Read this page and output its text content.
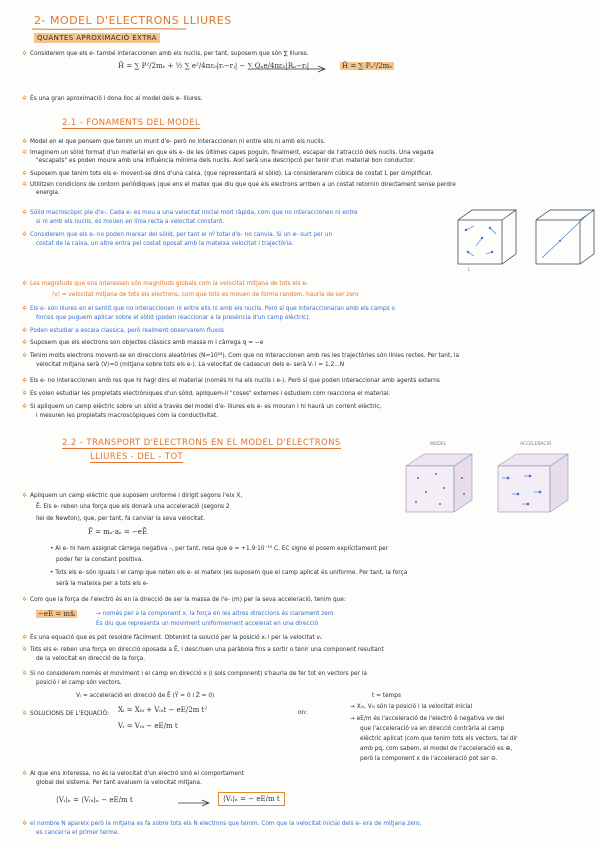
2- MODEL D'ELECTRONS LLIURES
QUANTES APROXIMACIÓ EXTRA
✲ Considerem que els e- també interaccionen amb els nuclis, per tant, suposem que són ∑ lliures.
Ĥ = ∑ P²/2mₑ + ½ ∑ e²/4πε₀|rᵢ−rⱼ| − ∑ Qₙe/4πε₀|Rₙ−rᵢ|	Ĥ = ∑ Pₑ²/2mₑ
✲ És una gran aproximació i dona lloc al model dels e- lliures.
2.1 - FONAMENTS DEL MODEL
✲ Model en el que pensem que tenim un munt d'e- però no interaccionen ni entre ells ni amb els nuclis.
✲ Imaginem un sòlid format d'un material en que els e- de les últimes capes poguin, finalment, escapar de l'atracció dels nuclis. Una vegada
"escapats" es poden moure amb una influència mínima dels nuclis. Així serà una descripció per tenir d'un material bon conductor.
✲ Suposem que tenim tots els e- movent-se dins d'una caixa. (que representarà el sòlid). La considerarem cúbica de costat L per simplificar.
✲ Utilitzen condicions de contorn periòdiques (que ens el matex que diu que que els electrons arriben a un costat retornin directament sense perdre
energia.
✲ Sòlid macroscòpic ple d'e-. Cada e- es mou a una velocitat inicial molt ràpida, com que no interaccionen ni entre
si ni amb els nuclis, es mouen en línia recta a velocitat constant.
✲ Considerem que els e- no poden marxar del sòlid, per tant el nº total d'e- no canvia. Si un e- surt per un
costat de la caixa, un altre entra pel costat oposat amb la mateixa velocitat i trajectòria.
L
✲ Les magnituds que ens interessen són magnituds globals com la velocitat mitjana de tots els e-
⟨v⟩ = velocitat mitjana de tots els electrons, com que tots es mouen de forma random, hauria de ser zero
✲ Els e- són lliures en el sentit que no interaccionen ni entre ells ni amb els nuclis. Però sí que interaccionaran amb els camps o
forces que puguem aplicar sobre el sòlid (poden reaccionar a la presència d'un camp elèctric).
✲ Poden estudiar a escala classica, però realment observarem fluxos
✲ Suposem que els electrons son objectes clàssics amb massa m i càrrega q = −e
✲ Tenim molts electrons movent-se en direccions aleatòries (N≈10²³). Com que no interaccionen amb res les trajectòries són línies rectes. Per tant, la
velocitat mitjana serà ⟨V⟩=0 (mitjana sobre tots els e-). La velocitat de cadascun dels e- serà Vᵢ i = 1,2...N
✲ Els e- no interaccionen amb res que hi hagi dins el material (només hi ha els nuclis i e-). Però sí que poden interaccionar amb agents externs
✲ Es volen estudiar les propietats electròniques d'un sòlid, apliquem-li "coses" externes i estudiem com reacciona el material.
✲ Si apliquem un camp elèctric sobre un sòlid a través del model d'e- lliures els e- es mouran i hi haurà un corrent elèctric,
i mesuren les propietats macroscòpiques com la conductivitat.
2.2 - TRANSPORT D'ELECTRONS EN EL MODEL D'ELECTRONS
LLIURES - DEL - TOT
MODEL	ACCELERACIÓ
✲ Apliquem un camp elèctric que suposem uniforme i dirigit segons l'eix X,
Ē. Els e- reben una força que els donarà una acceleració (segons 2
llei de Newton), que, per tant, fa canviar la seva velocitat.
F̄ = mₑ·aₑ = −eĒ
• Al e- hi hem assignat càrrega negativa -, per tant, resa que e = +1.9·10⁻¹⁹ C. EC signe el posem explícitament per
poder fer la constant positiva.
• Tots els e- són iguals i el camp que noten els e- el mateix (es suposem que el camp aplicat és uniforme. Per tant, la força
serà la mateixa per a tots els e-
✲ Com que la força de l'electró és en la direcció de ser la massa de l'e- (m) per la seva acceleració, tenim que:
−eE = mẍᵢ	→ només per a la component x, la força en les altres direccions és clarament zero
Es diu que representa un moviment uniformement accelerat en una direcció
✲ És una equació que es pot resoldre fàcilment. Obtenint la solució per la posició xᵢ i per la velocitat vᵢ.
✲ Tots els e- reben una força en direcció oposada a Ē, i descriuen una paràbola fins a sortir o tenir una component resultant
de la velocitat en direcció de la força.
✲ Si no considerem només el moviment i el camp en direcció x (i sols component) s'hauria de fer tot en vectors per la
posició i el camp són vectors.
Vᵢ = acceleració en direcció de Ē (Ÿ = 0 i Ż = 0)	t = temps
✲ SOLUCIONS DE L'EQUACIÓ: Xᵢ = X₀ᵢ + V₀ᵢt − eE/2m t²
Vᵢ = V₀ᵢ − eE/m t
on:
→ X₀ᵢ, V₀ᵢ són la posició i la velocitat inicial
→ eE/m és l'acceleració de l'electró ē negativa ve del
que l'acceleració va en direcció contrària al camp
elèctric aplicat (com que tenim tots els vectors, tal dir
amb pq, com sabem, el model de l'acceleració es ⊕,
però la component x de l'acceleració pot ser ⊖.
✲ Al que ens interessa, no és la velocitat d'un electró sinó el comportament
global del sistema. Per tant avaluem la velocitat mitjana.
⟨Vᵢ⟩ₙ = ⟨V₀ᵢ⟩ₙ − eE/m t	⟨Vᵢ⟩ₙ = − eE/m t
✲ el nombre N apareix però la mitjana es fa sobre tots els N electrons que tenim. Com que la velocitat inicial dels e- era de mitjana zero,
es cancel·la el primer terme.
